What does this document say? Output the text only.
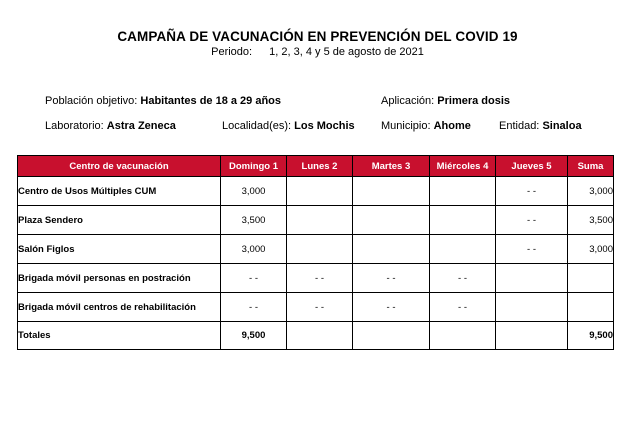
CAMPAÑA DE VACUNACIÓN EN PREVENCIÓN DEL COVID 19
Periodo: 1, 2, 3, 4 y 5 de agosto de 2021
Población objetivo: Habitantes de 18 a 29 años	Aplicación: Primera dosis
Laboratorio: Astra Zeneca	Localidad(es): Los Mochis Municipio: Ahome	Entidad: Sinaloa
Centro de vacunación	Domingo 1	Lunes 2	Martes 3	Miércoles 4	Jueves 5	Suma
Centro de Usos Múltiples CUM	3,000				- -	3,000
Plaza Sendero	3,500				- -	3,500
Salón Figlos	3,000				- -	3,000
Brigada móvil personas en postración	- -	- -	- -	- -		
Brigada móvil centros de rehabilitación	- -	- -	- -	- -		
Totales	9,500					9,500
